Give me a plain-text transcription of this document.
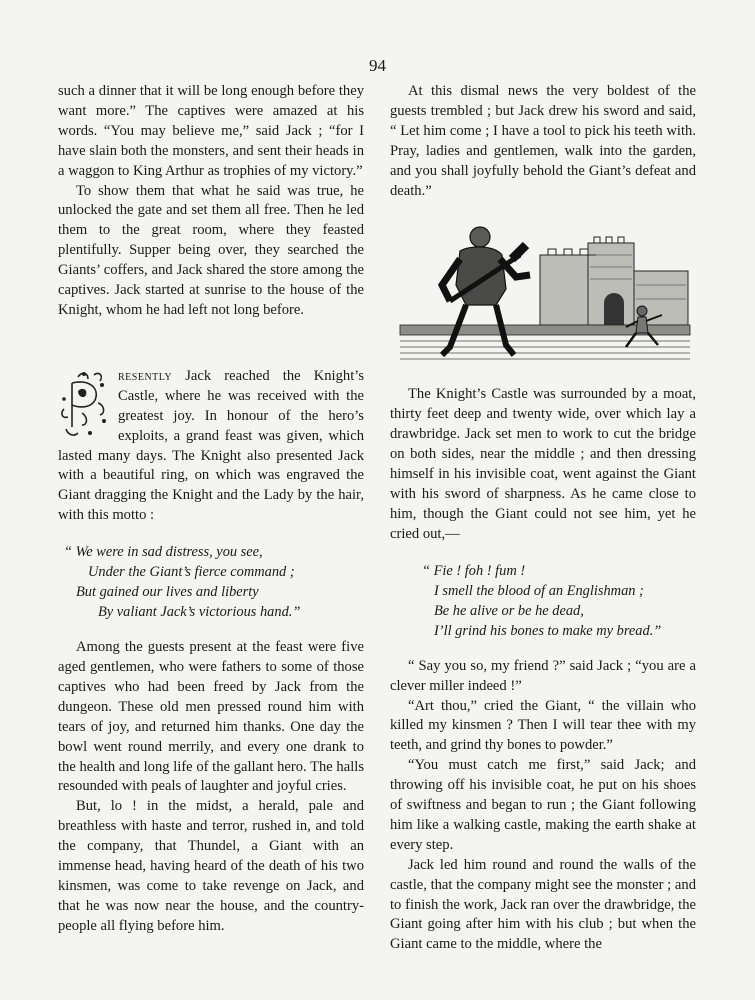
94

such a dinner that it will be long enough before they want more.” The captives were amazed at his words. “You may believe me,” said Jack ; “for I have slain both the monsters, and sent their heads in a waggon to King Arthur as trophies of my victory.”

To show them that what he said was true, he unlocked the gate and set them all free. Then he led them to the great room, where they feasted plentifully. Supper being over, they searched the Giants’ coffers, and Jack shared the store among the captives. Jack started at sunrise to the house of the Knight, whom he had left not long before.

resently Jack reached the Knight’s Castle, where he was received with the greatest joy. In honour of the hero’s exploits, a grand feast was given, which lasted many days. The Knight also presented Jack with a beautiful ring, on which was engraved the Giant dragging the Knight and the Lady by the hair, with this motto :

“ We were in sad distress, you see,
Under the Giant’s fierce command ;
But gained our lives and liberty
By valiant Jack’s victorious hand.”

Among the guests present at the feast were five aged gentlemen, who were fathers to some of those captives who had been freed by Jack from the dungeon. These old men pressed round him with tears of joy, and returned him thanks. One day the bowl went round merrily, and every one drank to the health and long life of the gallant hero. The halls resounded with peals of laughter and joyful cries.

But, lo ! in the midst, a herald, pale and breathless with haste and terror, rushed in, and told the company, that Thundel, a Giant with an immense head, having heard of the death of his two kinsmen, was come to take revenge on Jack, and that he was now near the house, and the country-people all flying before him.

At this dismal news the very boldest of the guests trembled ; but Jack drew his sword and said, “ Let him come ; I have a tool to pick his teeth with. Pray, ladies and gentlemen, walk into the garden, and you shall joyfully behold the Giant’s defeat and death.”

The Knight’s Castle was surrounded by a moat, thirty feet deep and twenty wide, over which lay a drawbridge. Jack set men to work to cut the bridge on both sides, near the middle ; and then dressing himself in his invisible coat, went against the Giant with his sword of sharpness. As he came close to him, though the Giant could not see him, yet he cried out,—

“ Fie ! foh ! fum !
I smell the blood of an Englishman ;
Be he alive or be he dead,
I’ll grind his bones to make my bread.”

“ Say you so, my friend ?” said Jack ; “you are a clever miller indeed !”

“Art thou,” cried the Giant, “ the villain who killed my kinsmen ? Then I will tear thee with my teeth, and grind thy bones to powder.”

“You must catch me first,” said Jack; and throwing off his invisible coat, he put on his shoes of swiftness and began to run ; the Giant following him like a walking castle, making the earth shake at every step.

Jack led him round and round the walls of the castle, that the company might see the monster ; and to finish the work, Jack ran over the drawbridge, the Giant going after him with his club ; but when the Giant came to the middle, where the
